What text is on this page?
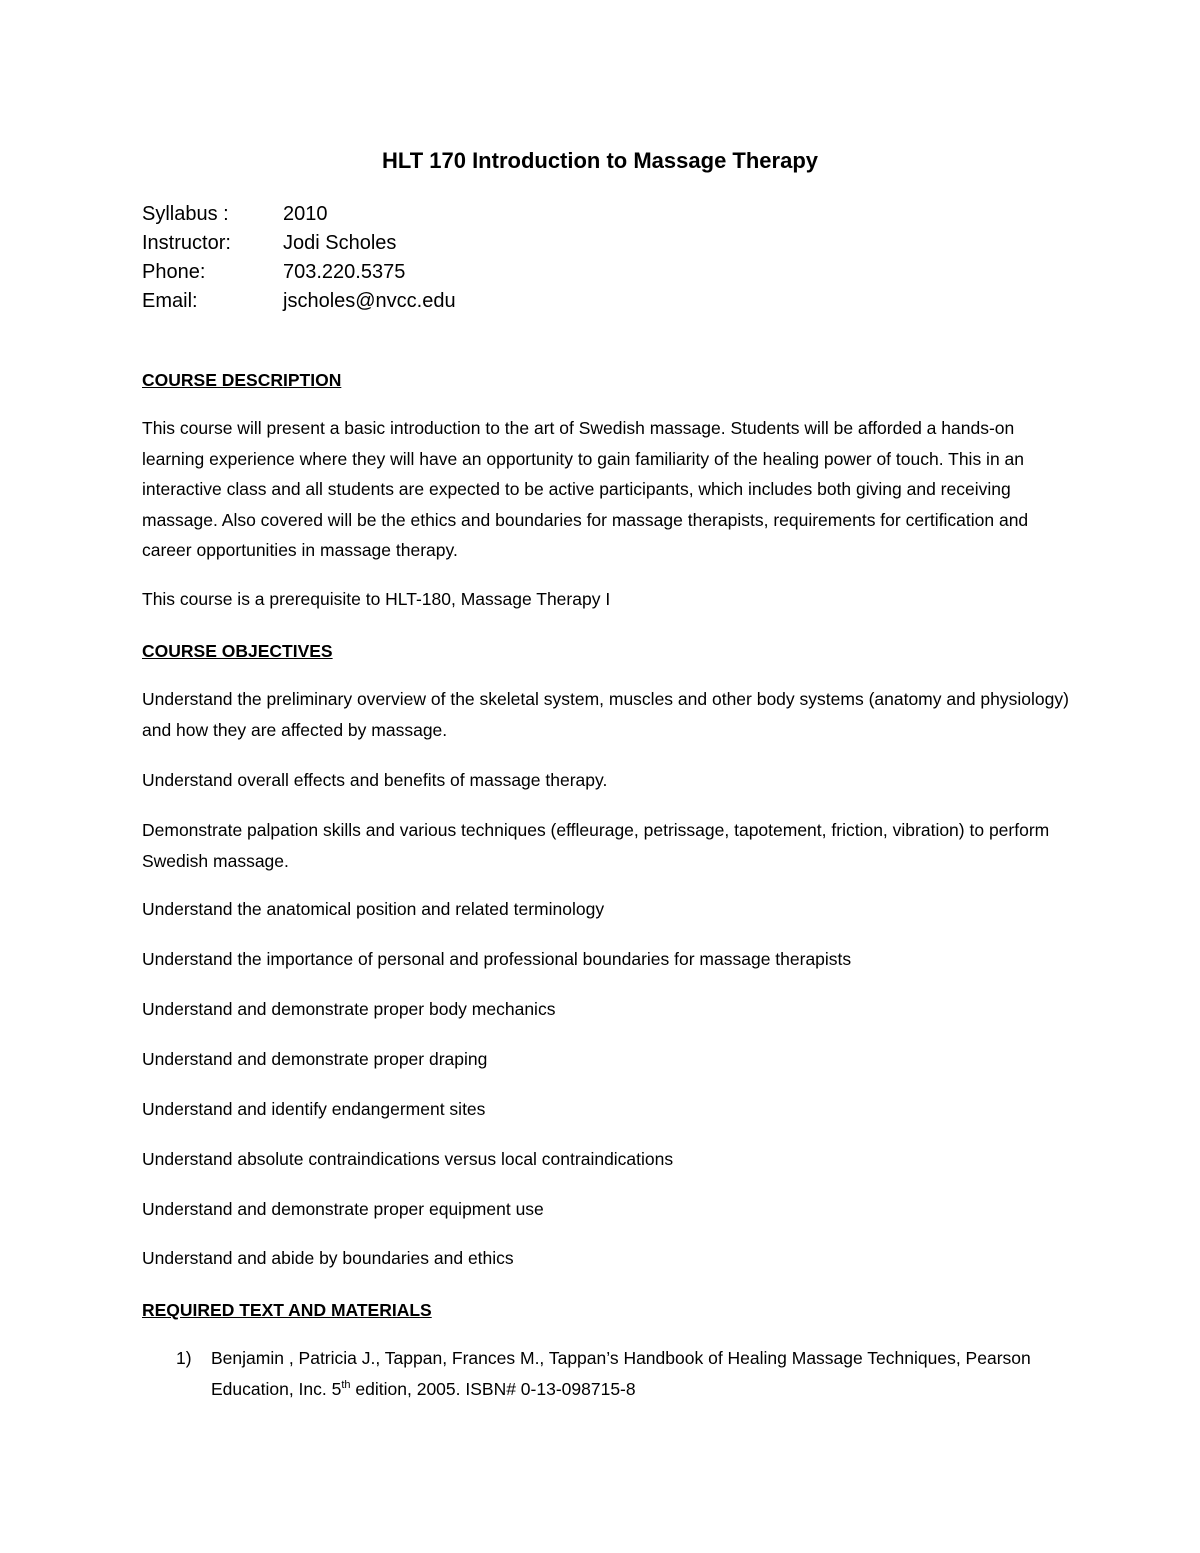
HLT 170 Introduction to Massage Therapy
Syllabus :	2010
Instructor:	Jodi Scholes
Phone:	703.220.5375
Email:	jscholes@nvcc.edu
COURSE DESCRIPTION

This course will present a basic introduction to the art of Swedish massage. Students will be afforded a hands-on learning experience where they will have an opportunity to gain familiarity of the healing power of touch. This in an interactive class and all students are expected to be active participants, which includes both giving and receiving massage. Also covered will be the ethics and boundaries for massage therapists, requirements for certification and career opportunities in massage therapy.

This course is a prerequisite to HLT-180, Massage Therapy I

COURSE OBJECTIVES

Understand the preliminary overview of the skeletal system, muscles and other body systems (anatomy and physiology) and how they are affected by massage.

Understand overall effects and benefits of massage therapy.

Demonstrate palpation skills and various techniques (effleurage, petrissage, tapotement, friction, vibration) to perform Swedish massage.

Understand the anatomical position and related terminology

Understand the importance of personal and professional boundaries for massage therapists

Understand and demonstrate proper body mechanics

Understand and demonstrate proper draping

Understand and identify endangerment sites

Understand absolute contraindications versus local contraindications

Understand and demonstrate proper equipment use

Understand and abide by boundaries and ethics

REQUIRED TEXT AND MATERIALS
1)	Benjamin , Patricia J., Tappan, Frances M., Tappan’s Handbook of Healing Massage Techniques, Pearson Education, Inc. 5th edition, 2005. ISBN# 0-13-098715-8
